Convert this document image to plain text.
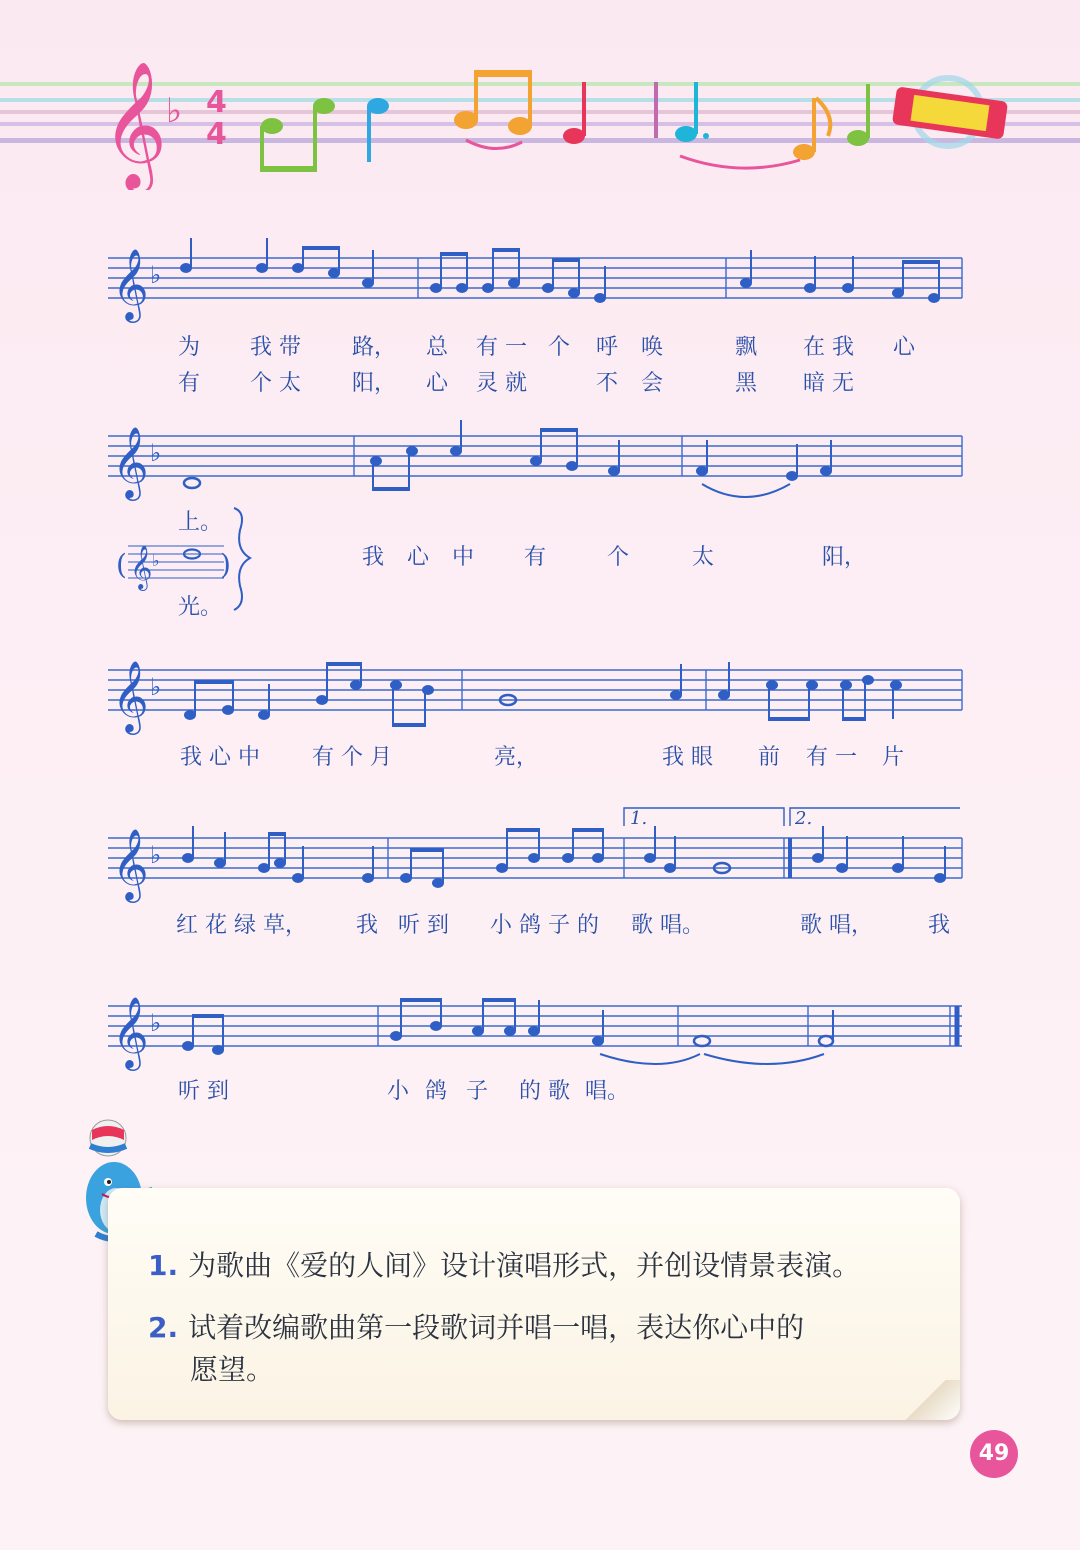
𝄞
♭ 4
4
𝄞 ♭
𝄞 ♭
𝄞 ♭
𝄞 ♭
𝄞 ♭
( 𝄞 ♭ )
为 我 带 路， 总 有 一 个 呼 唤	飘 在 我 心
有 个 太 阳， 心 灵 就	不 会	黑 暗 无
我 心 中 有	个	太	阳，
我 心 中 有 个 月	亮，	我 眼 前 有 一 片
红 花 绿 草， 我 听 到 小 鸽 子 的 歌 唱。	歌 唱，	我
听 到	小 鸽 子 的 歌 唱。
上。
光。
1.	2.
1. 为歌曲《爱的人间》设计演唱形式，并创设情景表演。
2. 试着改编歌曲第一段歌词并唱一唱，表达你心中的
愿望。
49
